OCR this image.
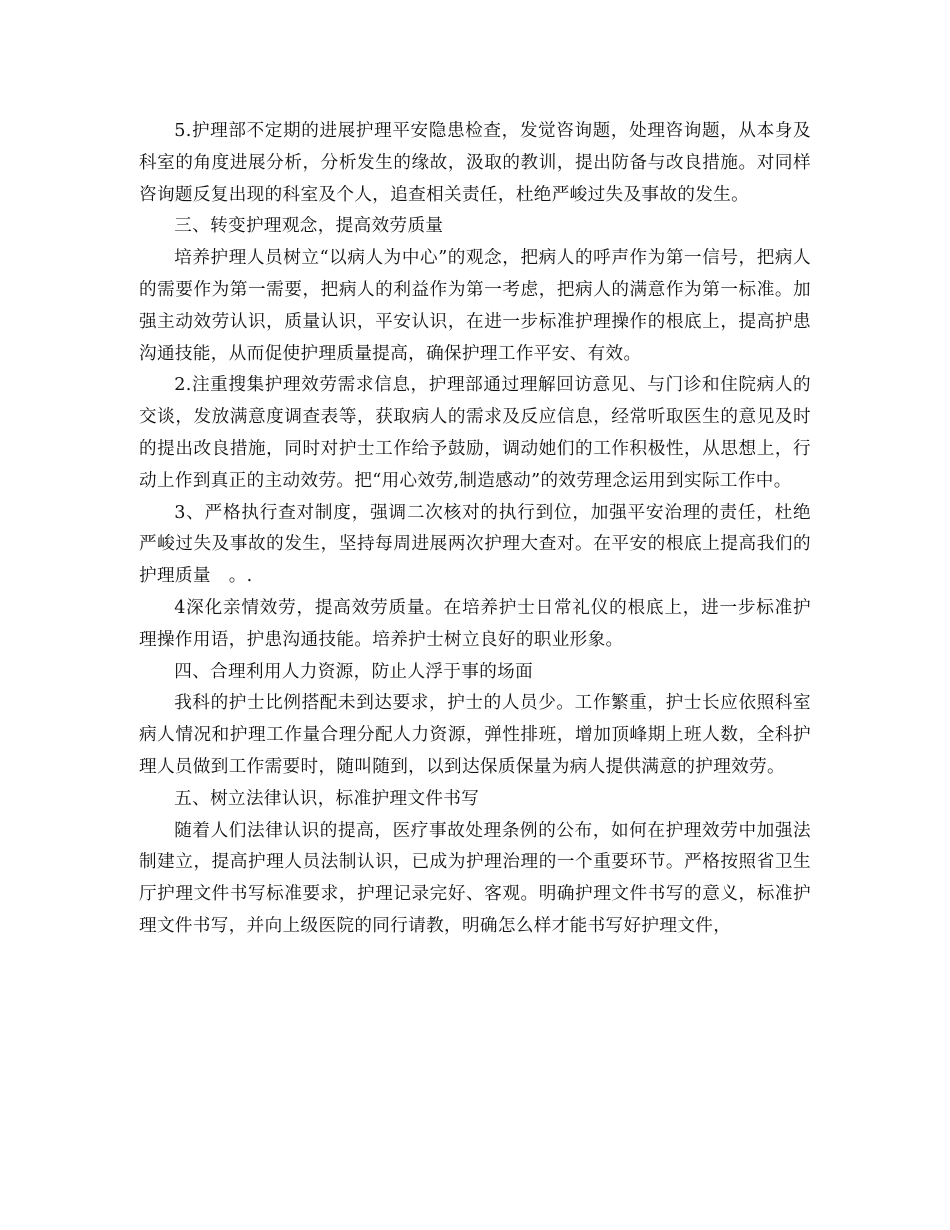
5.护理部不定期的进展护理平安隐患检查，发觉咨询题，处理咨询题，从本身及科室的角度进展分析，分析发生的缘故，汲取的教训，提出防备与改良措施。对同样咨询题反复出现的科室及个人，追查相关责任，杜绝严峻过失及事故的发生。

三、转变护理观念，提高效劳质量

培养护理人员树立“以病人为中心”的观念，把病人的呼声作为第一信号，把病人的需要作为第一需要，把病人的利益作为第一考虑，把病人的满意作为第一标准。加强主动效劳认识，质量认识，平安认识，在进一步标准护理操作的根底上，提高护患沟通技能，从而促使护理质量提高，确保护理工作平安、有效。

2.注重搜集护理效劳需求信息，护理部通过理解回访意见、与门诊和住院病人的交谈，发放满意度调查表等，获取病人的需求及反应信息，经常听取医生的意见及时的提出改良措施，同时对护士工作给予鼓励，调动她们的工作积极性，从思想上，行动上作到真正的主动效劳。把“用心效劳,制造感动”的效劳理念运用到实际工作中。

3、严格执行查对制度，强调二次核对的执行到位，加强平安治理的责任，杜绝严峻过失及事故的发生，坚持每周进展两次护理大查对。在平安的根底上提高我们的护理质量　。.

4深化亲情效劳，提高效劳质量。在培养护士日常礼仪的根底上，进一步标准护理操作用语，护患沟通技能。培养护士树立良好的职业形象。

四、合理利用人力资源，防止人浮于事的场面

我科的护士比例搭配未到达要求，护士的人员少。工作繁重，护士长应依照科室病人情况和护理工作量合理分配人力资源，弹性排班，增加顶峰期上班人数，全科护理人员做到工作需要时，随叫随到，以到达保质保量为病人提供满意的护理效劳。

五、树立法律认识，标准护理文件书写

随着人们法律认识的提高，医疗事故处理条例的公布，如何在护理效劳中加强法制建立，提高护理人员法制认识，已成为护理治理的一个重要环节。严格按照省卫生厅护理文件书写标准要求，护理记录完好、客观。明确护理文件书写的意义，标准护理文件书写，并向上级医院的同行请教，明确怎么样才能书写好护理文件，
